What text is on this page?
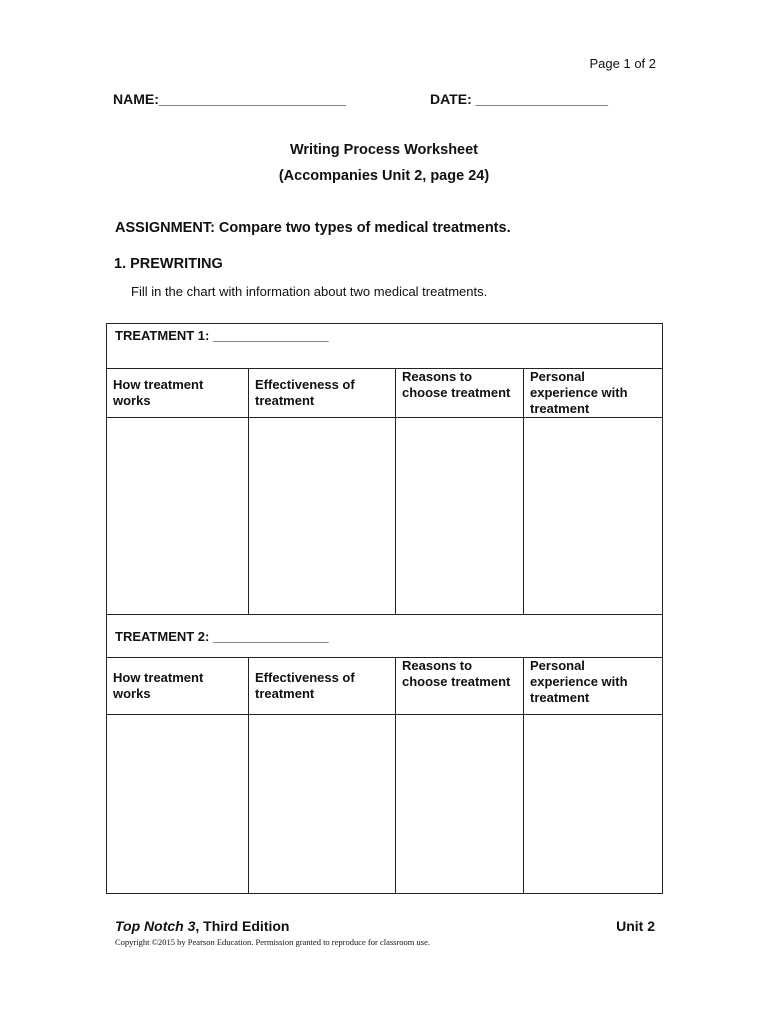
Page 1 of 2
NAME:________________________	DATE: _________________
Writing Process Worksheet
(Accompanies Unit 2, page 24)
ASSIGNMENT: Compare two types of medical treatments.
1. PREWRITING
Fill in the chart with information about two medical treatments.
TREATMENT 1: ________________			
How treatment works	Effectiveness of treatment	Reasons to choose treatment	Personal experience with treatment

TREATMENT 2: ________________			
How treatment works	Effectiveness of treatment	Reasons to choose treatment	Personal experience with treatment

Top Notch 3, Third Edition	Unit 2
Copyright ©2015 by Pearson Education. Permission granted to reproduce for classroom use.
